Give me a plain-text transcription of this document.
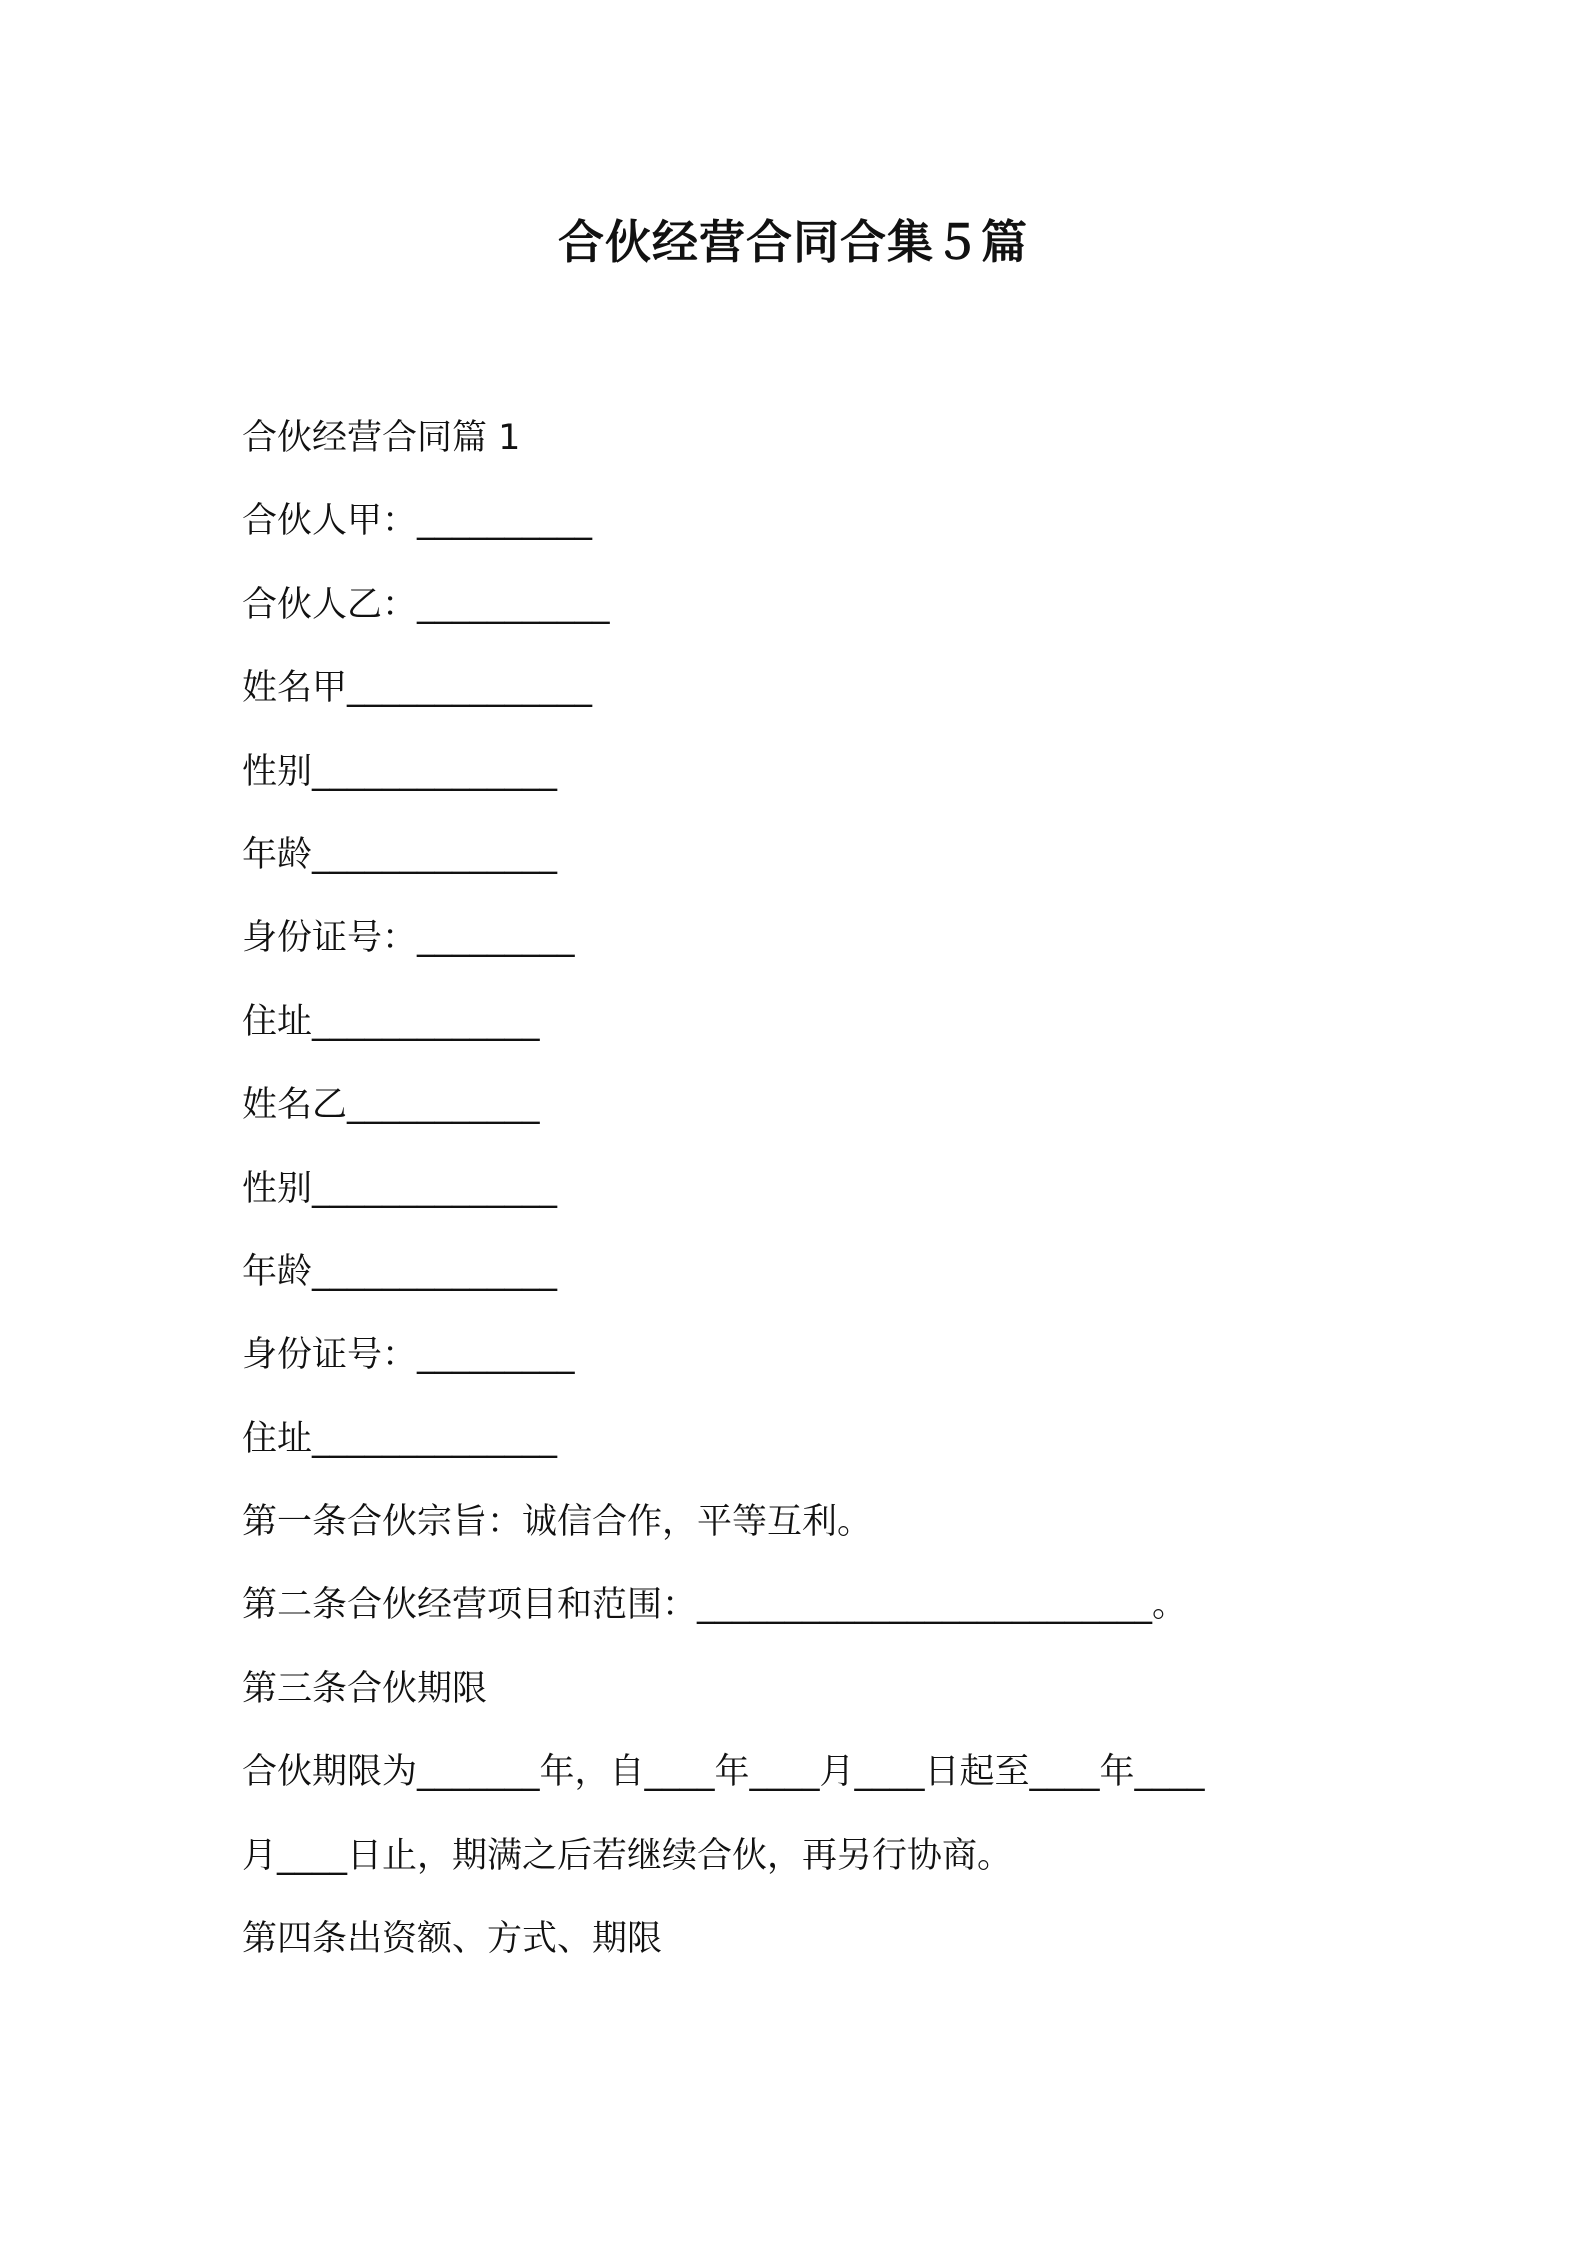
合伙经营合同合集５篇
合伙经营合同篇 1
合伙人甲：__________
合伙人乙：___________
姓名甲______________
性别______________
年龄______________
身份证号：_________
住址_____________
姓名乙___________
性别______________
年龄______________
身份证号：_________
住址______________
第一条合伙宗旨：诚信合作，平等互利。
第二条合伙经营项目和范围：__________________________。
第三条合伙期限
合伙期限为_______年，自____年____月____日起至____年____
月____日止，期满之后若继续合伙，再另行协商。
第四条出资额、方式、期限
